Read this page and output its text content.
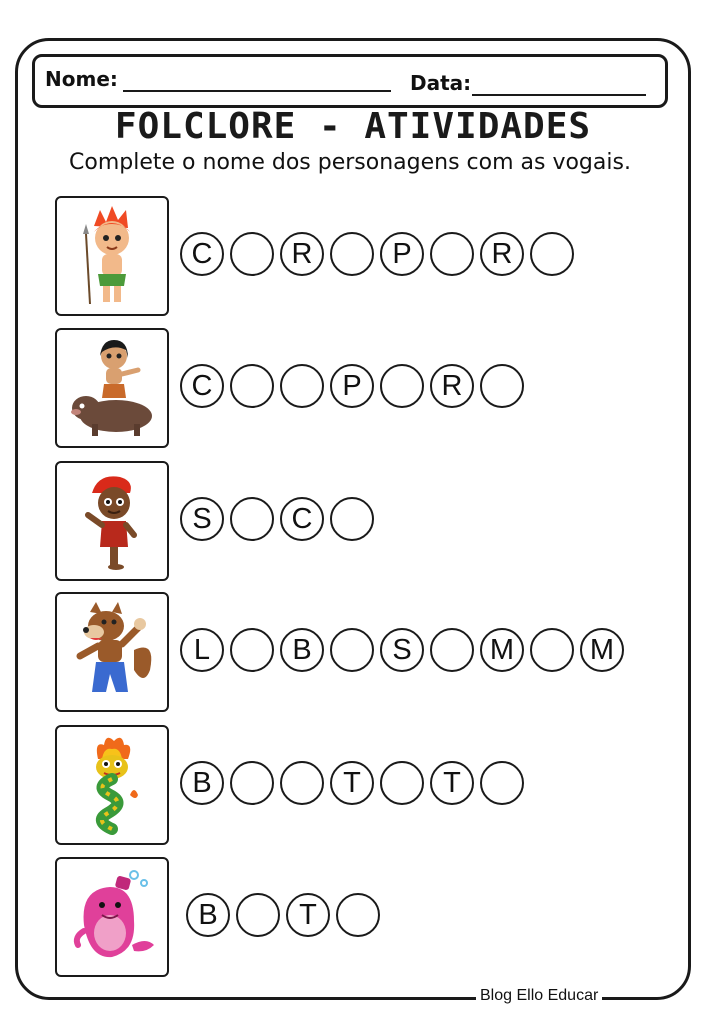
Nome:	Data:
FOLCLORE - ATIVIDADES
Complete o nome dos personagens com as vogais.
C	R	P	R
C	P	R
S	C
L	B	S	M	M
B	T	T
B	T
Blog Ello Educar
